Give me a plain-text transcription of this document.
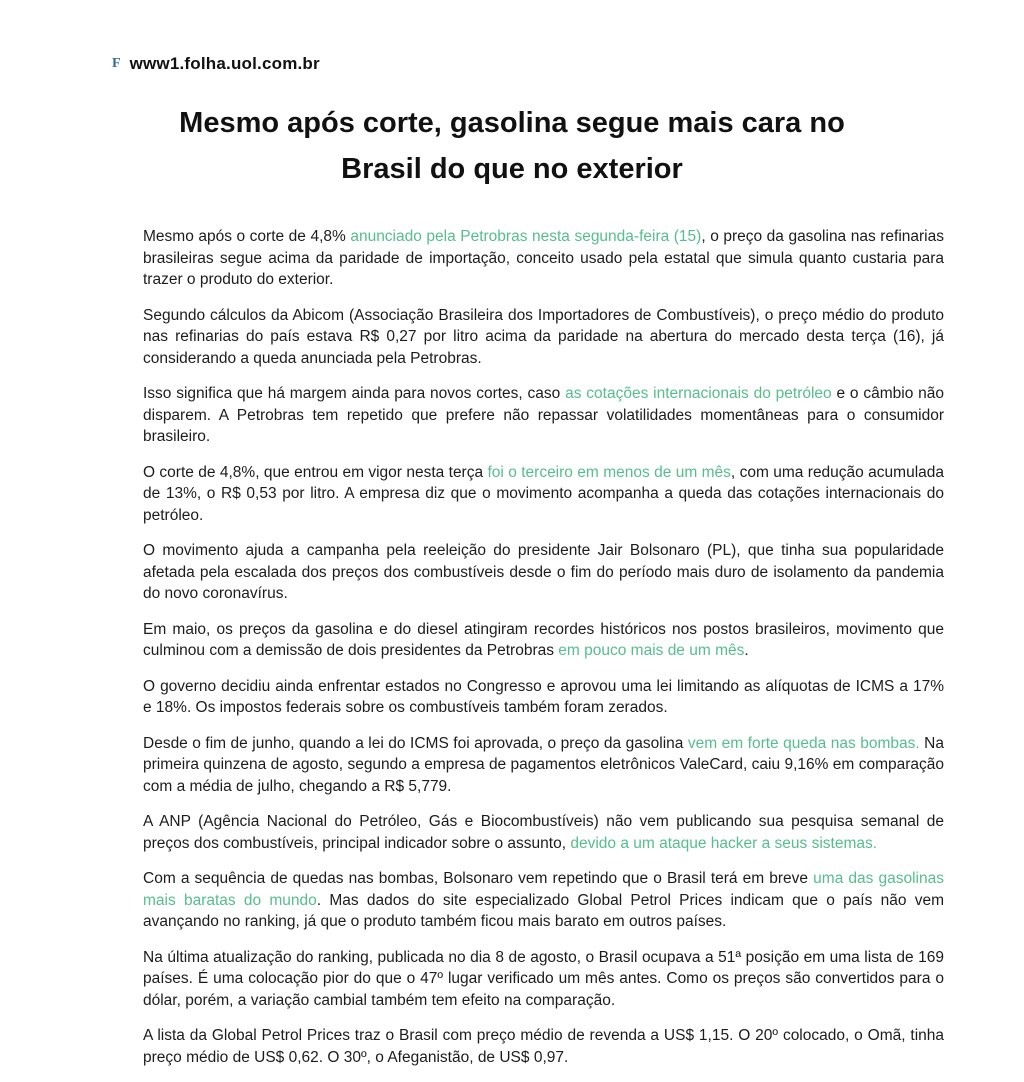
F www1.folha.uol.com.br
Mesmo após corte, gasolina segue mais cara no
Brasil do que no exterior

Mesmo após o corte de 4,8% anunciado pela Petrobras nesta segunda-feira (15), o preço da gasolina nas refinarias brasileiras segue acima da paridade de importação, conceito usado pela estatal que simula quanto custaria para trazer o produto do exterior.

Segundo cálculos da Abicom (Associação Brasileira dos Importadores de Combustíveis), o preço médio do produto nas refinarias do país estava R$ 0,27 por litro acima da paridade na abertura do mercado desta terça (16), já considerando a queda anunciada pela Petrobras.

Isso significa que há margem ainda para novos cortes, caso as cotações internacionais do petróleo e o câmbio não disparem. A Petrobras tem repetido que prefere não repassar volatilidades momentâneas para o consumidor brasileiro.

O corte de 4,8%, que entrou em vigor nesta terça foi o terceiro em menos de um mês, com uma redução acumulada de 13%, o R$ 0,53 por litro. A empresa diz que o movimento acompanha a queda das cotações internacionais do petróleo.

O movimento ajuda a campanha pela reeleição do presidente Jair Bolsonaro (PL), que tinha sua popularidade afetada pela escalada dos preços dos combustíveis desde o fim do período mais duro de isolamento da pandemia do novo coronavírus.

Em maio, os preços da gasolina e do diesel atingiram recordes históricos nos postos brasileiros, movimento que culminou com a demissão de dois presidentes da Petrobras em pouco mais de um mês.

O governo decidiu ainda enfrentar estados no Congresso e aprovou uma lei limitando as alíquotas de ICMS a 17% e 18%. Os impostos federais sobre os combustíveis também foram zerados.

Desde o fim de junho, quando a lei do ICMS foi aprovada, o preço da gasolina vem em forte queda nas bombas. Na primeira quinzena de agosto, segundo a empresa de pagamentos eletrônicos ValeCard, caiu 9,16% em comparação com a média de julho, chegando a R$ 5,779.

A ANP (Agência Nacional do Petróleo, Gás e Biocombustíveis) não vem publicando sua pesquisa semanal de preços dos combustíveis, principal indicador sobre o assunto, devido a um ataque hacker a seus sistemas.

Com a sequência de quedas nas bombas, Bolsonaro vem repetindo que o Brasil terá em breve uma das gasolinas mais baratas do mundo. Mas dados do site especializado Global Petrol Prices indicam que o país não vem avançando no ranking, já que o produto também ficou mais barato em outros países.

Na última atualização do ranking, publicada no dia 8 de agosto, o Brasil ocupava a 51ª posição em uma lista de 169 países. É uma colocação pior do que o 47º lugar verificado um mês antes. Como os preços são convertidos para o dólar, porém, a variação cambial também tem efeito na comparação.

A lista da Global Petrol Prices traz o Brasil com preço médio de revenda a US$ 1,15. O 20º colocado, o Omã, tinha preço médio de US$ 0,62. O 30º, o Afeganistão, de US$ 0,97.
